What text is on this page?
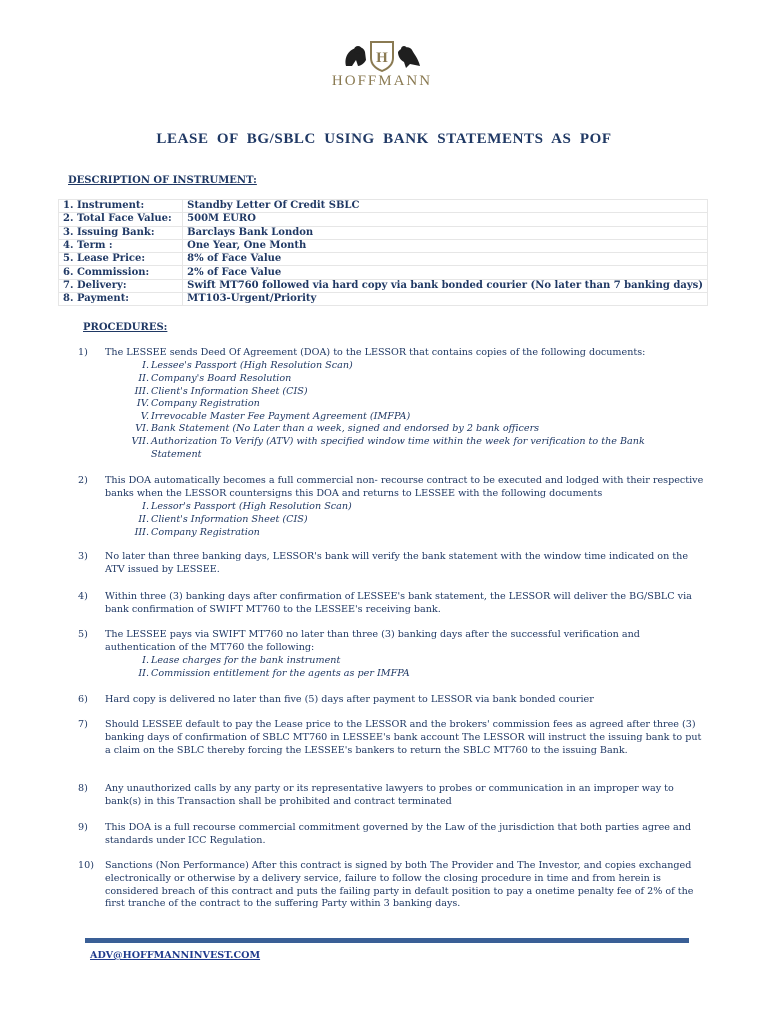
H
HOFFMANN
LEASE OF BG/SBLC USING BANK STATEMENTS AS POF
DESCRIPTION OF INSTRUMENT:
1. Instrument:	Standby Letter Of Credit SBLC
2. Total Face Value:	500M EURO
3. Issuing Bank:	Barclays Bank London
4. Term :	One Year, One Month
5. Lease Price:	8% of Face Value
6. Commission:	2% of Face Value
7. Delivery:	Swift MT760 followed via hard copy via bank bonded courier (No later than 7 banking days)
8. Payment:	MT103-Urgent/Priority
PROCEDURES:
1) The LESSEE sends Deed Of Agreement (DOA) to the LESSOR that contains copies of the following documents:
I. Lessee's Passport (High Resolution Scan)
II. Company's Board Resolution
III. Client's Information Sheet (CIS)
IV. Company Registration
V. Irrevocable Master Fee Payment Agreement (IMFPA)
VI. Bank Statement (No Later than a week, signed and endorsed by 2 bank officers
VII. Authorization To Verify (ATV) with specified window time within the week for verification to the Bank Statement
2) This DOA automatically becomes a full commercial non- recourse contract to be executed and lodged with their respective banks when the LESSOR countersigns this DOA and returns to LESSEE with the following documents
I. Lessor's Passport (High Resolution Scan)
II. Client's Information Sheet (CIS)
III. Company Registration
3) No later than three banking days, LESSOR's bank will verify the bank statement with the window time indicated on the ATV issued by LESSEE.
4) Within three (3) banking days after confirmation of LESSEE's bank statement, the LESSOR will deliver the BG/SBLC via bank confirmation of SWIFT MT760 to the LESSEE's receiving bank.
5) The LESSEE pays via SWIFT MT760 no later than three (3) banking days after the successful verification and authentication of the MT760 the following:
I. Lease charges for the bank instrument
II. Commission entitlement for the agents as per IMFPA
6) Hard copy is delivered no later than five (5) days after payment to LESSOR via bank bonded courier
7) Should LESSEE default to pay the Lease price to the LESSOR and the brokers' commission fees as agreed after three (3) banking days of confirmation of SBLC MT760 in LESSEE's bank account The LESSOR will instruct the issuing bank to put a claim on the SBLC thereby forcing the LESSEE's bankers to return the SBLC MT760 to the issuing Bank.
8) Any unauthorized calls by any party or its representative lawyers to probes or communication in an improper way to bank(s) in this Transaction shall be prohibited and contract terminated
9) This DOA is a full recourse commercial commitment governed by the Law of the jurisdiction that both parties agree and standards under ICC Regulation.
10) Sanctions (Non Performance) After this contract is signed by both The Provider and The Investor, and copies exchanged electronically or otherwise by a delivery service, failure to follow the closing procedure in time and from herein is considered breach of this contract and puts the failing party in default position to pay a onetime penalty fee of 2% of the first tranche of the contract to the suffering Party within 3 banking days.
ADV@HOFFMANNINVEST.COM
